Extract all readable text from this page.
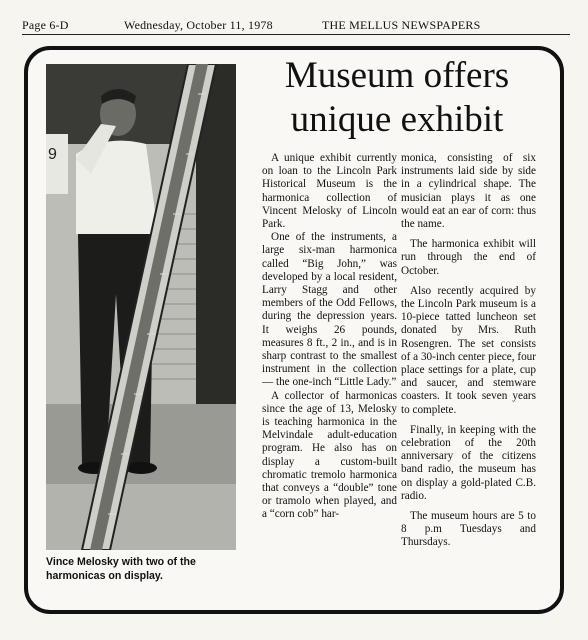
Page 6-D	Wednesday, October 11, 1978	THE MELLUS NEWSPAPERS
9
Vince Melosky with two of the harmonicas on display.
Museum offers
unique exhibit

A unique exhibit currently on loan to the Lincoln Park Historical Museum is the harmonica collection of Vincent Melosky of Lincoln Park.

One of the instruments, a large six-man harmonica called “Big John,” was developed by a local resident, Larry Stagg and other members of the Odd Fellows, during the depression years. It weighs 26 pounds, measures 8 ft., 2 in., and is in sharp contrast to the smallest instrument in the collection — the one-inch “Little Lady.”

A collector of harmonicas since the age of 13, Melosky is teaching harmonica in the Melvindale adult-education program. He also has on display a custom-built chromatic tremolo harmonica that conveys a “double” tone or tramolo when played, and a “corn cob” har-

monica, consisting of six instruments laid side by side in a cylindrical shape. The musician plays it as one would eat an ear of corn: thus the name.

The harmonica exhibit will run through the end of October.

Also recently acquired by the Lincoln Park museum is a 10-piece tatted luncheon set donated by Mrs. Ruth Rosengren. The set consists of a 30-inch center piece, four place settings for a plate, cup and saucer, and stemware coasters. It took seven years to complete.

Finally, in keeping with the celebration of the 20th anniversary of the citizens band radio, the museum has on display a gold-plated C.B. radio.

The museum hours are 5 to 8 p.m Tuesdays and Thursdays.
